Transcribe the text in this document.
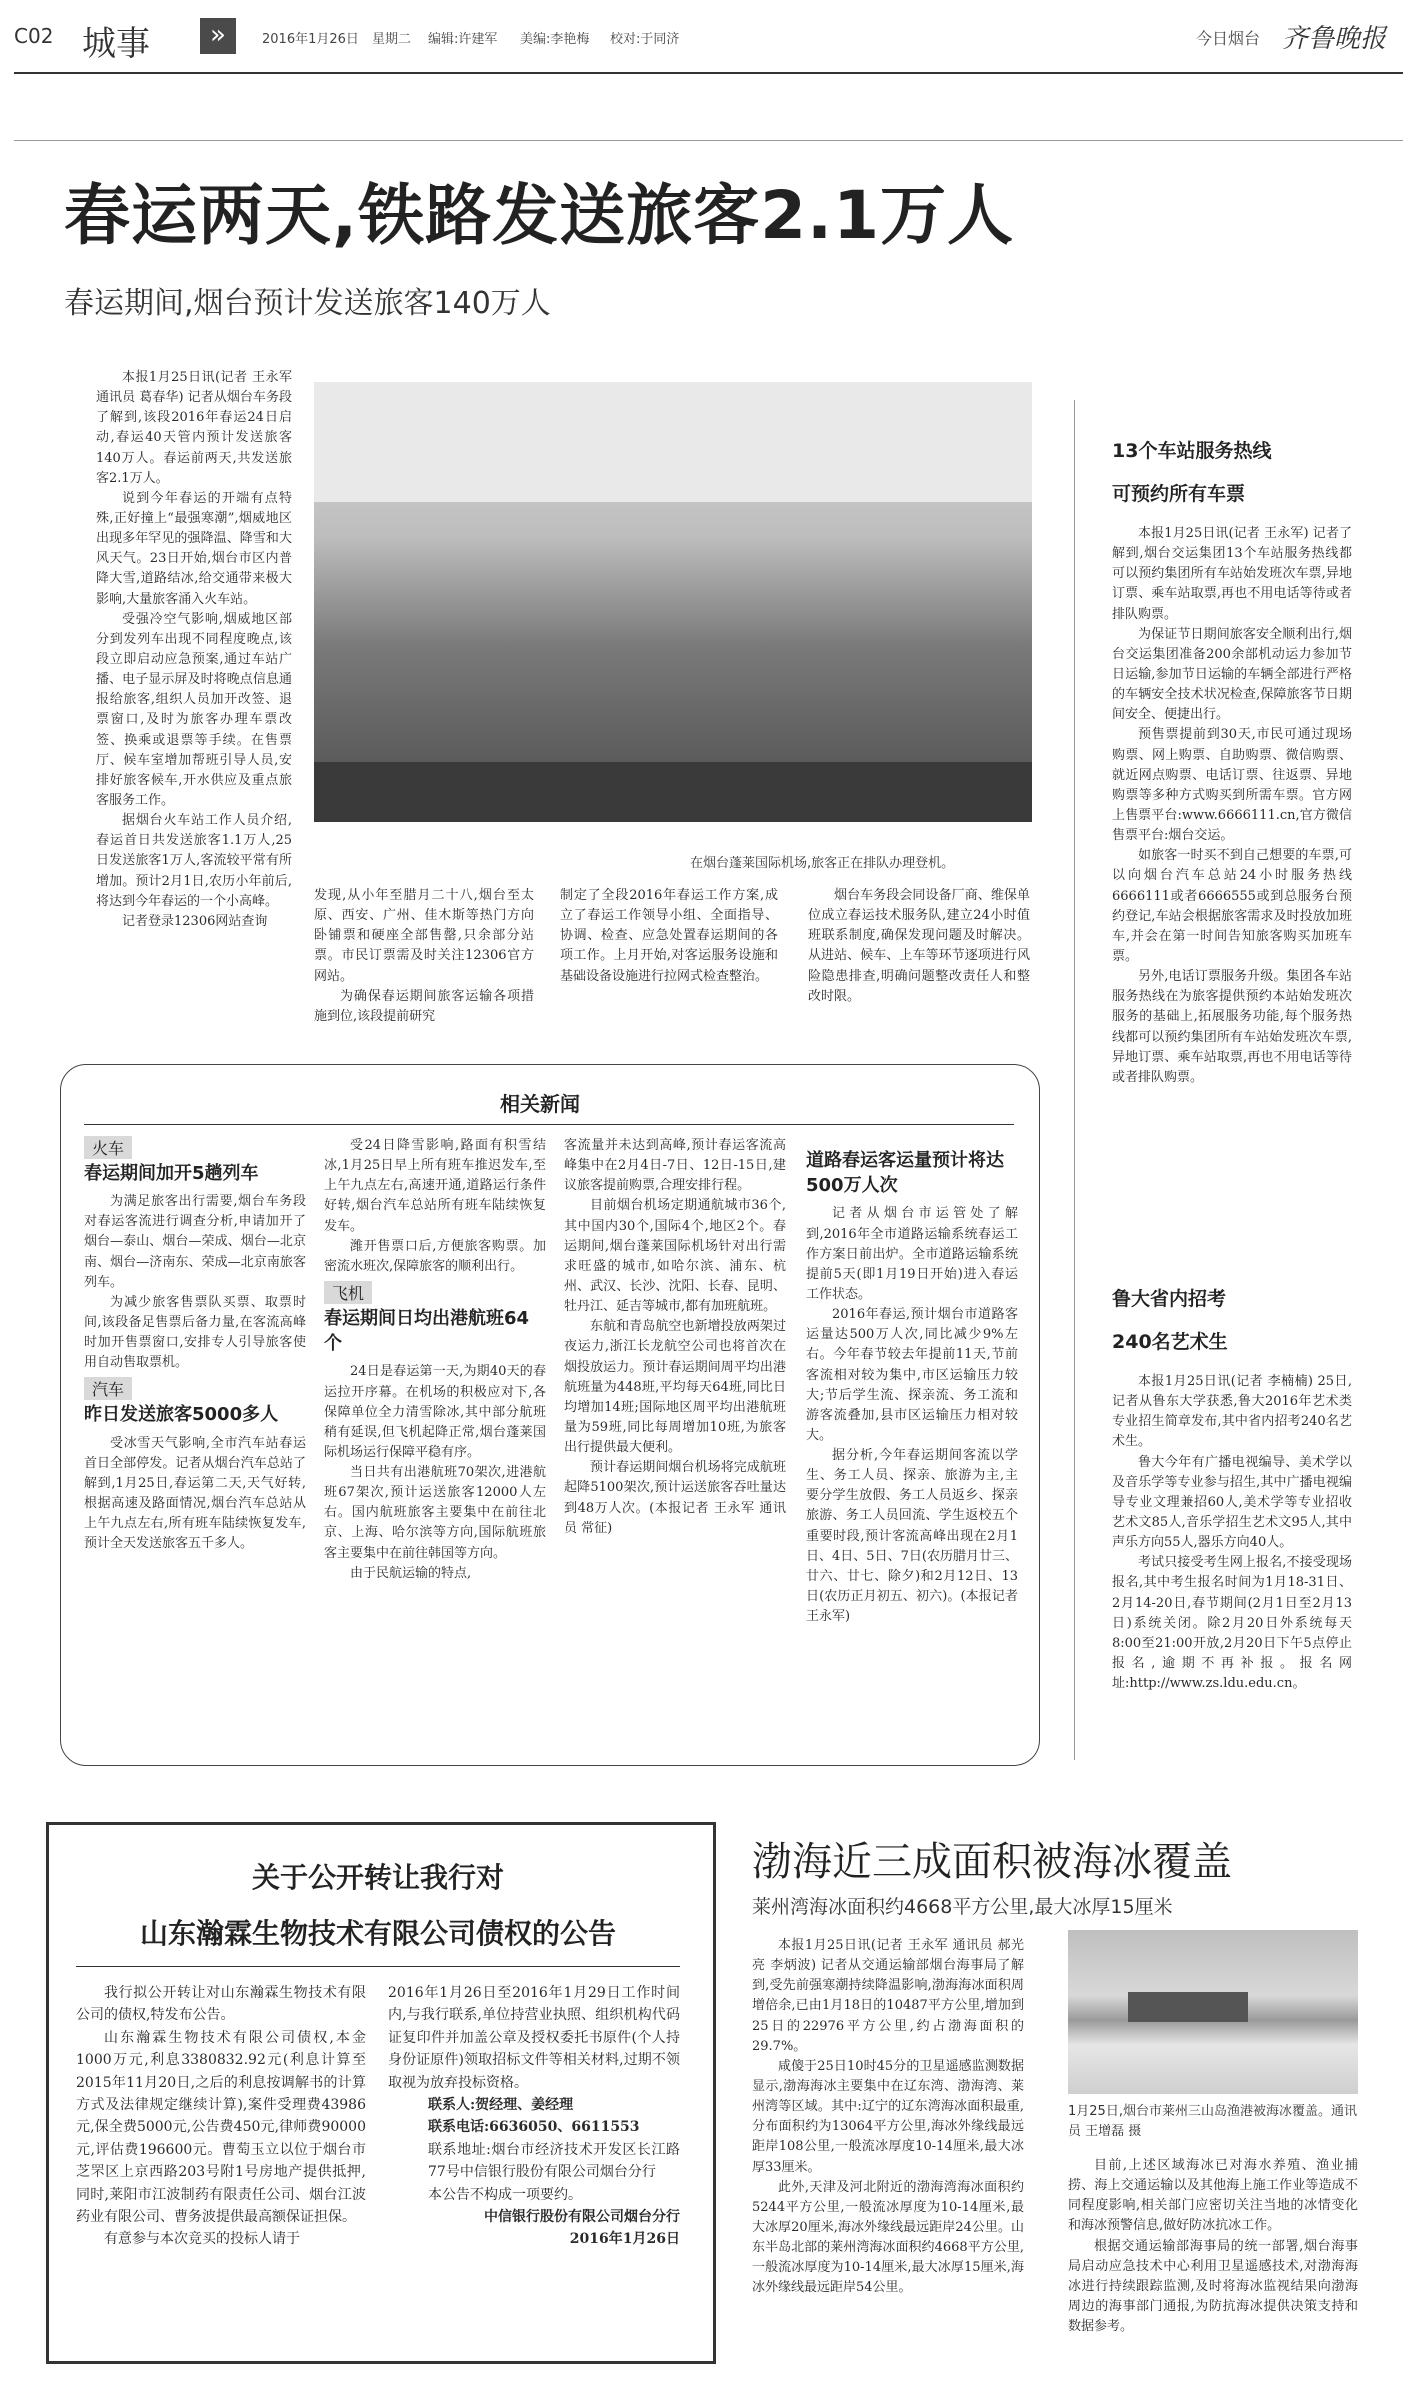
C02 城事	»	2016年1月26日 星期二 编辑:许建军 美编:李艳梅 校对:于同济	今日烟台 齐鲁晚报
春运两天,铁路发送旅客2.1万人
春运期间,烟台预计发送旅客140万人

本报1月25日讯(记者 王永军 通讯员 葛春华) 记者从烟台车务段了解到,该段2016年春运24日启动,春运40天管内预计发送旅客140万人。春运前两天,共发送旅客2.1万人。

说到今年春运的开端有点特殊,正好撞上“最强寒潮”,烟威地区出现多年罕见的强降温、降雪和大风天气。23日开始,烟台市区内普降大雪,道路结冰,给交通带来极大影响,大量旅客涌入火车站。

受强冷空气影响,烟威地区部分到发列车出现不同程度晚点,该段立即启动应急预案,通过车站广播、电子显示屏及时将晚点信息通报给旅客,组织人员加开改签、退票窗口,及时为旅客办理车票改签、换乘或退票等手续。在售票厅、候车室增加帮班引导人员,安排好旅客候车,开水供应及重点旅客服务工作。

据烟台火车站工作人员介绍,春运首日共发送旅客1.1万人,25日发送旅客1万人,客流较平常有所增加。预计2月1日,农历小年前后,将达到今年春运的一个小高峰。

记者登录12306网站查询

在烟台蓬莱国际机场,旅客正在排队办理登机。

发现,从小年至腊月二十八,烟台至太原、西安、广州、佳木斯等热门方向卧铺票和硬座全部售罄,只余部分站票。市民订票需及时关注12306官方网站。

为确保春运期间旅客运输各项措施到位,该段提前研究

制定了全段2016年春运工作方案,成立了春运工作领导小组、全面指导、协调、检查、应急处置春运期间的各项工作。上月开始,对客运服务设施和基础设备设施进行拉网式检查整治。

烟台车务段会同设备厂商、维保单位成立春运技术服务队,建立24小时值班联系制度,确保发现问题及时解决。从进站、候车、上车等环节逐项进行风险隐患排查,明确问题整改责任人和整改时限。

13个车站服务热线
可预约所有车票

本报1月25日讯(记者 王永军) 记者了解到,烟台交运集团13个车站服务热线都可以预约集团所有车站始发班次车票,异地订票、乘车站取票,再也不用电话等待或者排队购票。

为保证节日期间旅客安全顺利出行,烟台交运集团准备200余部机动运力参加节日运输,参加节日运输的车辆全部进行严格的车辆安全技术状况检查,保障旅客节日期间安全、便捷出行。

预售票提前到30天,市民可通过现场购票、网上购票、自助购票、微信购票、就近网点购票、电话订票、往返票、异地购票等多种方式购买到所需车票。官方网上售票平台:www.6666111.cn,官方微信售票平台:烟台交运。

如旅客一时买不到自己想要的车票,可以向烟台汽车总站24小时服务热线6666111或者6666555或到总服务台预约登记,车站会根据旅客需求及时投放加班车,并会在第一时间告知旅客购买加班车票。

另外,电话订票服务升级。集团各车站服务热线在为旅客提供预约本站始发班次服务的基础上,拓展服务功能,每个服务热线都可以预约集团所有车站始发班次车票,异地订票、乘车站取票,再也不用电话等待或者排队购票。

鲁大省内招考
240名艺术生

本报1月25日讯(记者 李楠楠) 25日,记者从鲁东大学获悉,鲁大2016年艺术类专业招生简章发布,其中省内招考240名艺术生。

鲁大今年有广播电视编导、美术学以及音乐学等专业参与招生,其中广播电视编导专业文理兼招60人,美术学等专业招收艺术文85人,音乐学招生艺术文95人,其中声乐方向55人,器乐方向40人。

考试只接受考生网上报名,不接受现场报名,其中考生报名时间为1月18-31日、2月14-20日,春节期间(2月1日至2月13日)系统关闭。除2月20日外系统每天8:00至21:00开放,2月20日下午5点停止报名,逾期不再补报。报名网址:http://www.zs.ldu.edu.cn。

相关新闻
火车
春运期间加开5趟列车

为满足旅客出行需要,烟台车务段对春运客流进行调查分析,申请加开了烟台—泰山、烟台—荣成、烟台—北京南、烟台—济南东、荣成—北京南旅客列车。

为减少旅客售票队买票、取票时间,该段备足售票后备力量,在客流高峰时加开售票窗口,安排专人引导旅客使用自动售取票机。

汽车
昨日发送旅客5000多人

受冰雪天气影响,全市汽车站春运首日全部停发。记者从烟台汽车总站了解到,1月25日,春运第二天,天气好转,根据高速及路面情况,烟台汽车总站从上午九点左右,所有班车陆续恢复发车,预计全天发送旅客五千多人。

受24日降雪影响,路面有积雪结冰,1月25日早上所有班车推迟发车,至上午九点左右,高速开通,道路运行条件好转,烟台汽车总站所有班车陆续恢复发车。

潍开售票口后,方便旅客购票。加密流水班次,保障旅客的顺利出行。

飞机
春运期间日均出港航班64个

24日是春运第一天,为期40天的春运拉开序幕。在机场的积极应对下,各保障单位全力清雪除冰,其中部分航班稍有延误,但飞机起降正常,烟台蓬莱国际机场运行保障平稳有序。

当日共有出港航班70架次,进港航班67架次,预计运送旅客12000人左右。国内航班旅客主要集中在前往北京、上海、哈尔滨等方向,国际航班旅客主要集中在前往韩国等方向。

由于民航运输的特点,

客流量并未达到高峰,预计春运客流高峰集中在2月4日-7日、12日-15日,建议旅客提前购票,合理安排行程。

目前烟台机场定期通航城市36个,其中国内30个,国际4个,地区2个。春运期间,烟台蓬莱国际机场针对出行需求旺盛的城市,如哈尔滨、浦东、杭州、武汉、长沙、沈阳、长春、昆明、牡丹江、延吉等城市,都有加班航班。

东航和青岛航空也新增投放两架过夜运力,浙江长龙航空公司也将首次在烟投放运力。预计春运期间周平均出港航班量为448班,平均每天64班,同比日均增加14班;国际地区周平均出港航班量为59班,同比每周增加10班,为旅客出行提供最大便利。

预计春运期间烟台机场将完成航班起降5100架次,预计运送旅客吞吐量达到48万人次。(本报记者 王永军 通讯员 常征)

道路春运客运量预计将达500万人次

记者从烟台市运管处了解到,2016年全市道路运输系统春运工作方案日前出炉。全市道路运输系统提前5天(即1月19日开始)进入春运工作状态。

2016年春运,预计烟台市道路客运量达500万人次,同比减少9%左右。今年春节较去年提前11天,节前客流相对较为集中,市区运输压力较大;节后学生流、探亲流、务工流和游客流叠加,县市区运输压力相对较大。

据分析,今年春运期间客流以学生、务工人员、探亲、旅游为主,主要分学生放假、务工人员返乡、探亲旅游、务工人员回流、学生返校五个重要时段,预计客流高峰出现在2月1日、4日、5日、7日(农历腊月廿三、廿六、廿七、除夕)和2月12日、13日(农历正月初五、初六)。(本报记者 王永军)

关于公开转让我行对
山东瀚霖生物技术有限公司债权的公告

我行拟公开转让对山东瀚霖生物技术有限公司的债权,特发布公告。

山东瀚霖生物技术有限公司债权,本金1000万元,利息3380832.92元(利息计算至2015年11月20日,之后的利息按调解书的计算方式及法律规定继续计算),案件受理费43986元,保全费5000元,公告费450元,律师费90000元,评估费196600元。曹萄玉立以位于烟台市芝罘区上京西路203号附1号房地产提供抵押,同时,莱阳市江波制药有限责任公司、烟台江波药业有限公司、曹务波提供最高额保证担保。

有意参与本次竞买的投标人请于

2016年1月26日至2016年1月29日工作时间内,与我行联系,单位持营业执照、组织机构代码证复印件并加盖公章及授权委托书原件(个人持身份证原件)领取招标文件等相关材料,过期不领取视为放弃投标资格。

联系人:贺经理、姜经理
联系电话:6636050、6611553
联系地址:烟台市经济技术开发区长江路77号中信银行股份有限公司烟台分行
本公告不构成一项要约。
中信银行股份有限公司烟台分行
2016年1月26日
渤海近三成面积被海冰覆盖
莱州湾海冰面积约4668平方公里,最大冰厚15厘米

本报1月25日讯(记者 王永军 通讯员 郝光亮 李炳波) 记者从交通运输部烟台海事局了解到,受先前强寒潮持续降温影响,渤海海冰面积周增倍余,已由1月18日的10487平方公里,增加到25日的22976平方公里,约占渤海面积的29.7%。

咸傻于25日10时45分的卫星遥感监测数据显示,渤海海冰主要集中在辽东湾、渤海湾、莱州湾等区域。其中:辽宁的辽东湾海冰面积最重,分布面积约为13064平方公里,海冰外缘线最远距岸108公里,一般流冰厚度10-14厘米,最大冰厚33厘米。

此外,天津及河北附近的渤海湾海冰面积约5244平方公里,一般流冰厚度为10-14厘米,最大冰厚20厘米,海冰外缘线最远距岸24公里。山东半岛北部的莱州湾海冰面积约4668平方公里,一般流冰厚度为10-14厘米,最大冰厚15厘米,海冰外缘线最远距岸54公里。

1月25日,烟台市莱州三山岛渔港被海冰覆盖。通讯员 王增磊 摄

目前,上述区域海冰已对海水养殖、渔业捕捞、海上交通运输以及其他海上施工作业等造成不同程度影响,相关部门应密切关注当地的冰情变化和海冰预警信息,做好防冰抗冰工作。

根据交通运输部海事局的统一部署,烟台海事局启动应急技术中心利用卫星遥感技术,对渤海海冰进行持续跟踪监测,及时将海冰监视结果向渤海周边的海事部门通报,为防抗海冰提供决策支持和数据参考。
